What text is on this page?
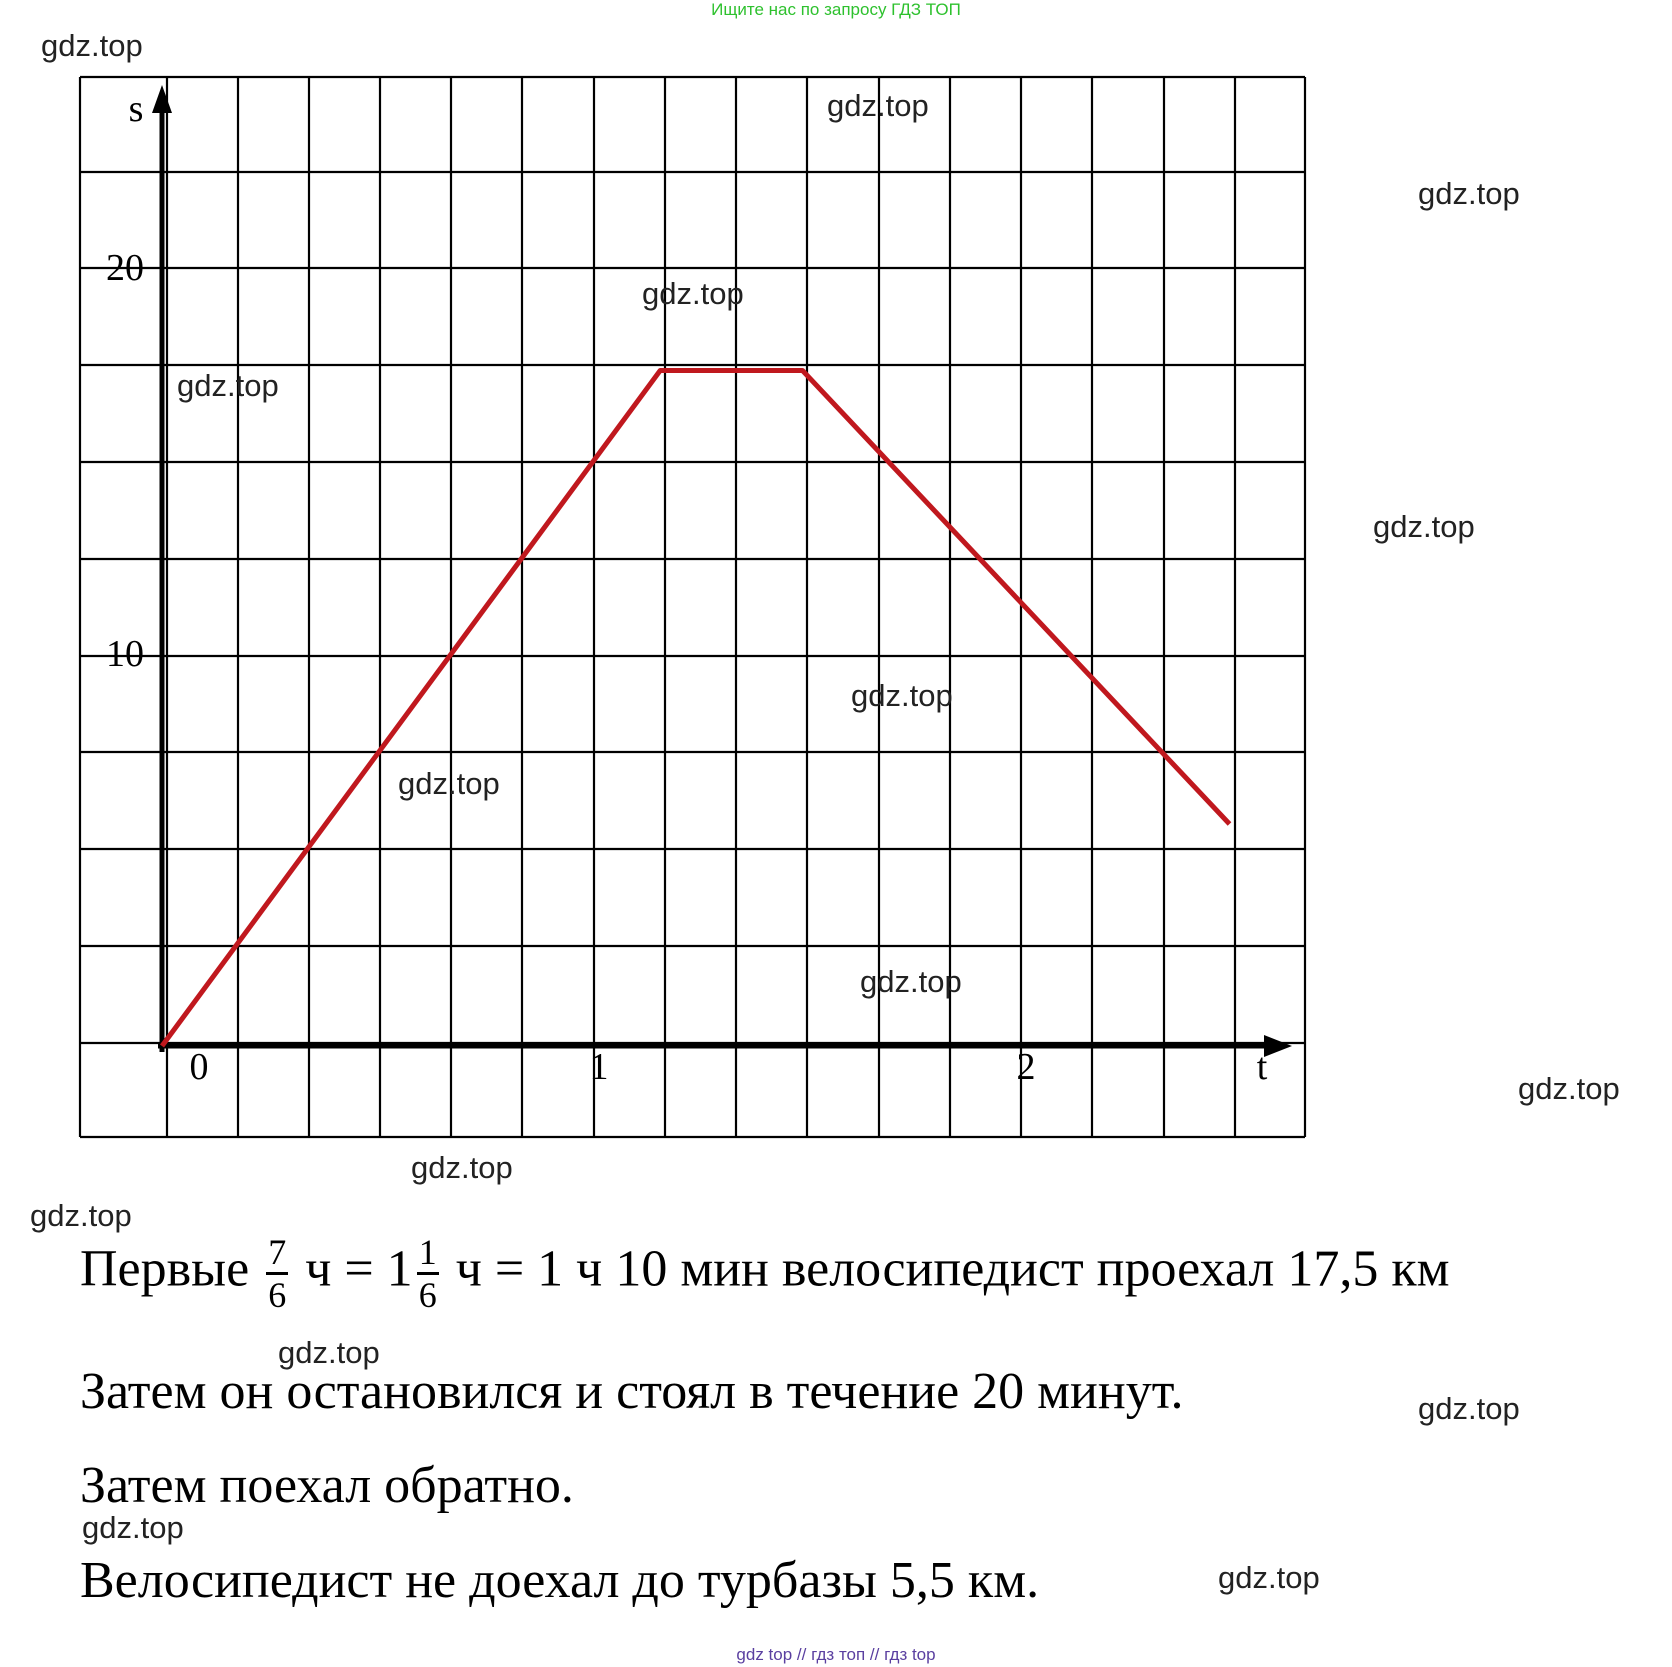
Ищите нас по запросу ГДЗ ТОП
0	1	2
10
20
s
t
gdz.top
gdz.top
gdz.top
gdz.top
gdz.top
gdz.top
gdz.top
gdz.top
gdz.top
gdz.top
gdz.top
gdz.top
gdz.top
gdz.top
gdz.top
gdz.top
Первые $\frac{7}{6}$ $ч = 1 \frac{1}{6}$ ч = 1 ч 10 мин велосипедист проехал 17,5 км
Затем он остановился и стоял в течение 20 минут.
Затем поехал обратно.
Велосипедист не доехал до турбазы 5,5 км.
gdz top // гдз топ // гдз top
